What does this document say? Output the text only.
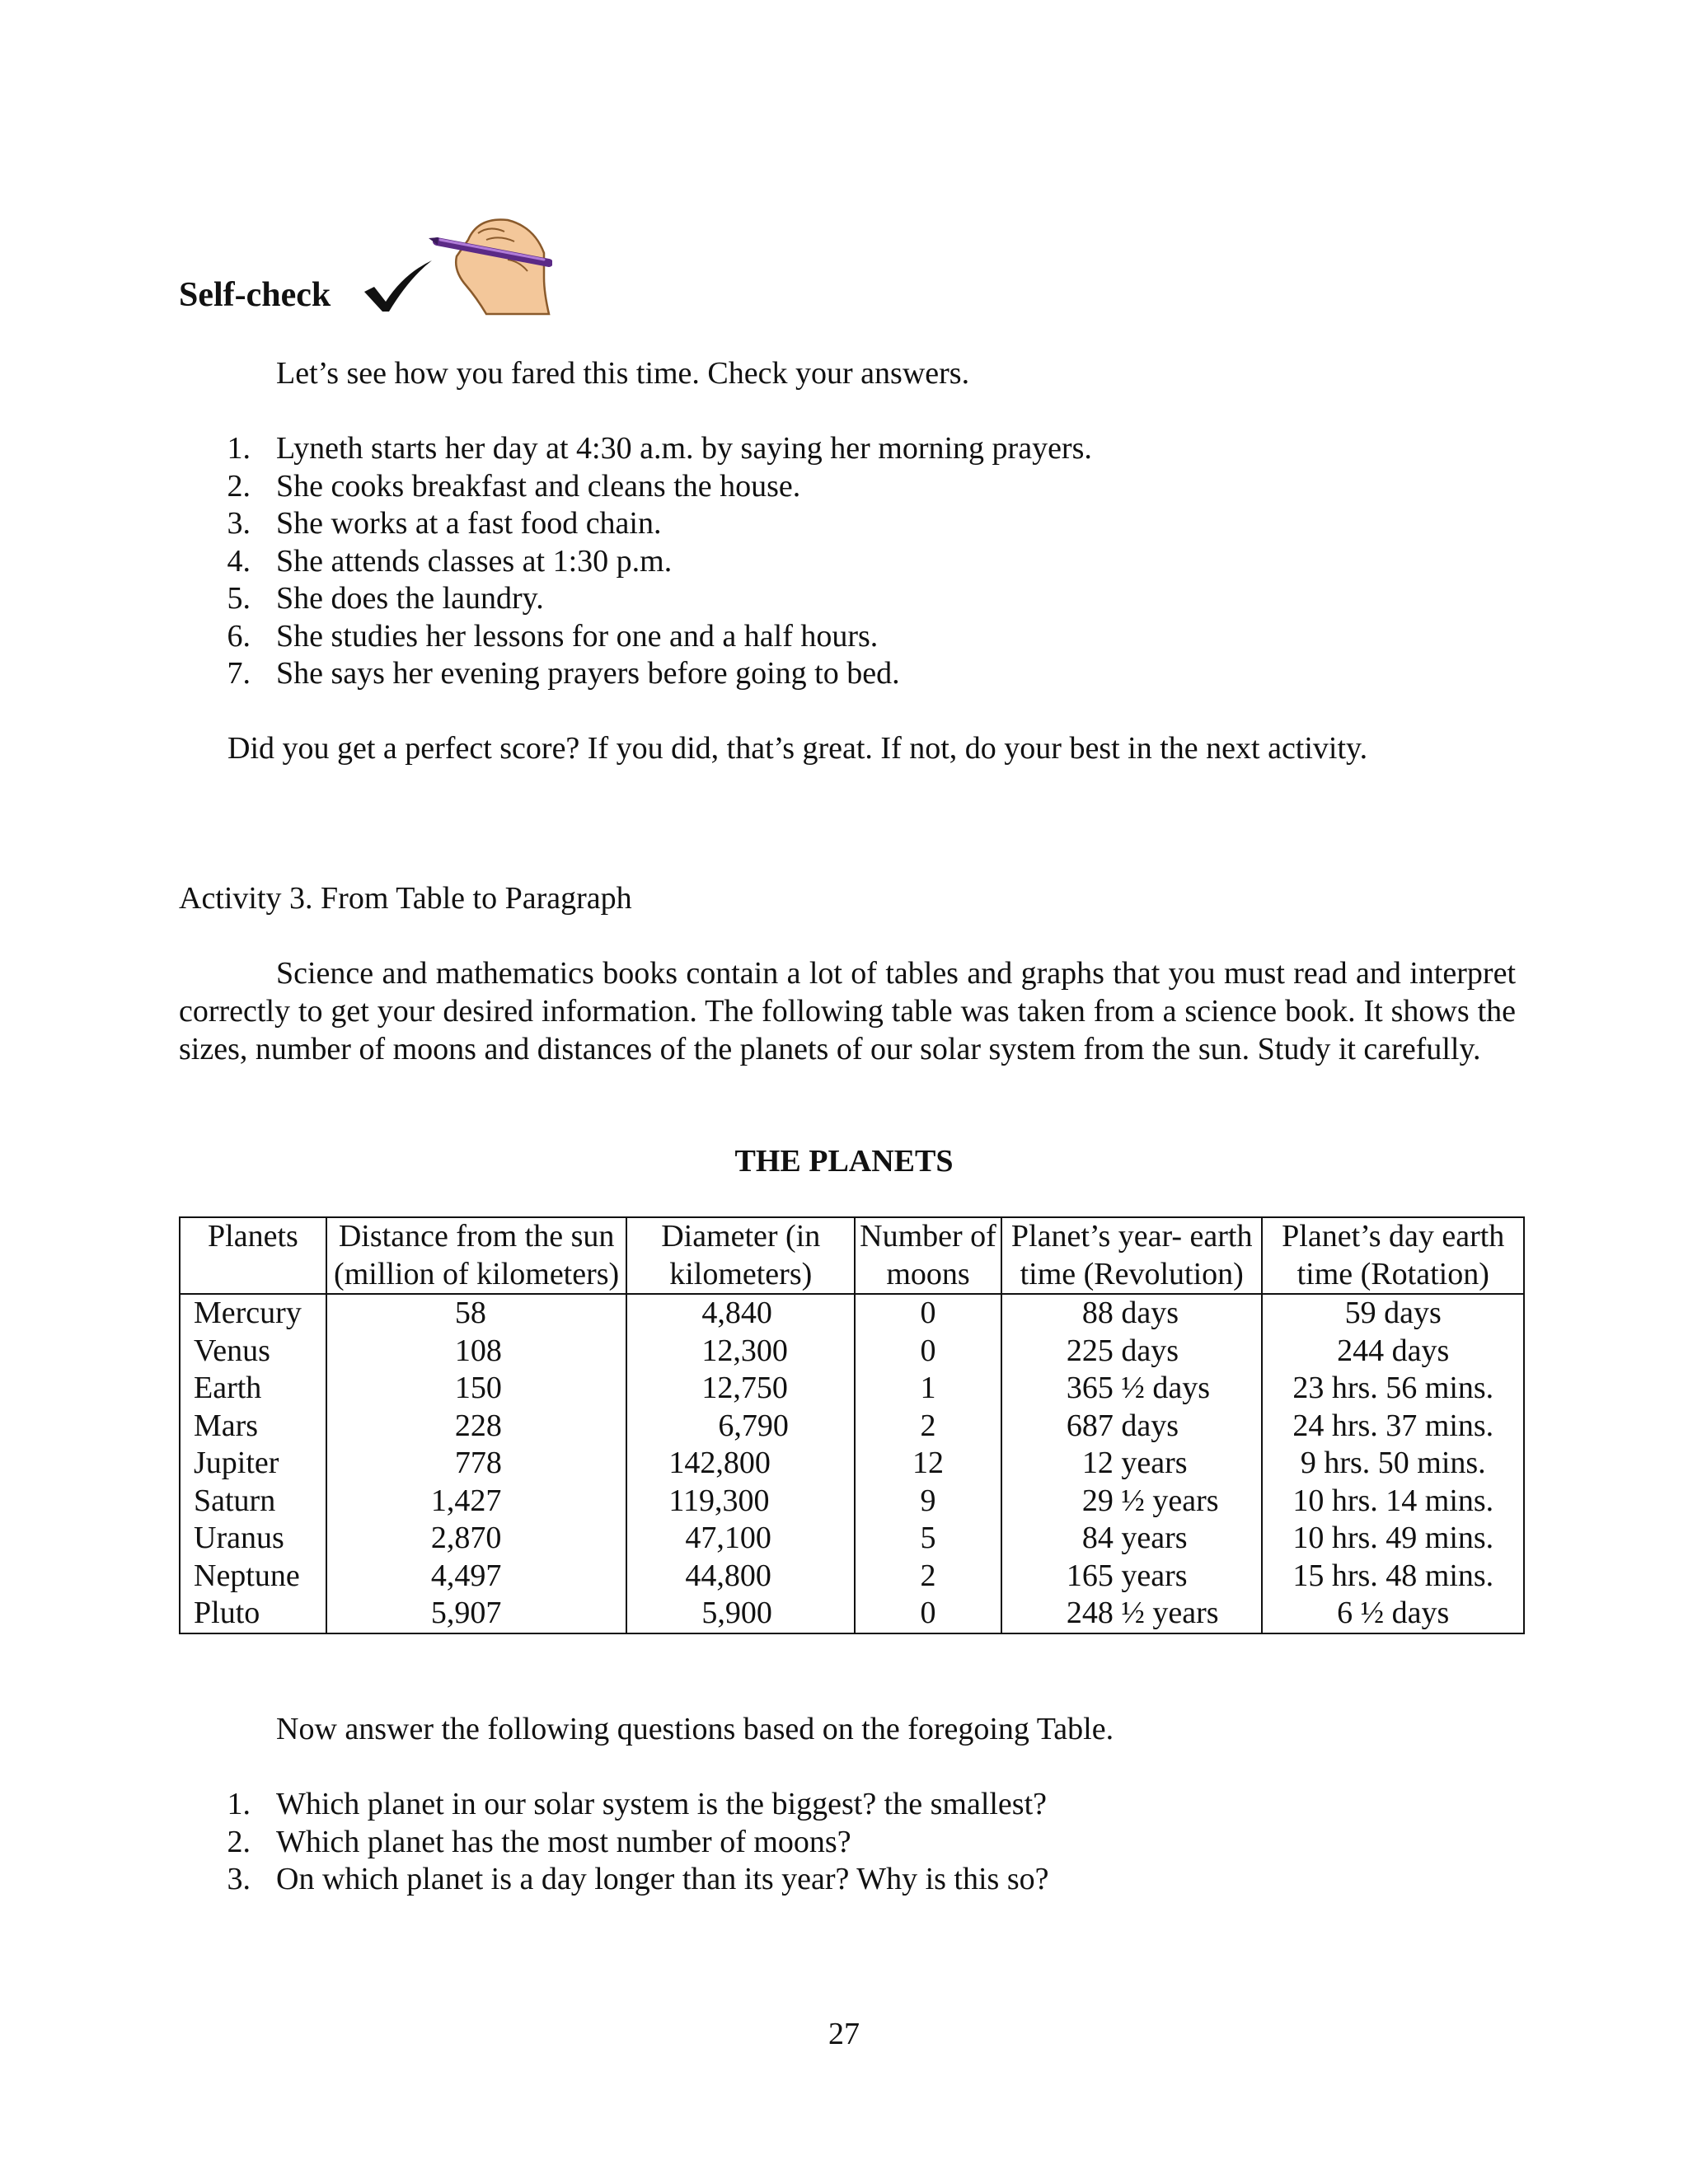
Self-check
Let’s see how you fared this time. Check your answers.
1. Lyneth starts her day at 4:30 a.m. by saying her morning prayers.
2. She cooks breakfast and cleans the house.
3. She works at a fast food chain.
4. She attends classes at 1:30 p.m.
5. She does the laundry.
6. She studies her lessons for one and a half hours.
7. She says her evening prayers before going to bed.
Did you get a perfect score? If you did, that’s great. If not, do your best in the next activity.
Activity 3. From Table to Paragraph
Science and mathematics books contain a lot of tables and graphs that you must read and interpret correctly to get your desired information. The following table was taken from a science book. It shows the sizes, number of moons and distances of the planets of our solar system from the sun. Study it carefully.
THE PLANETS
Planets	Distance from the sun (million of kilometers)	Diameter (in kilometers)	Number of moons	Planet’s year- earth time (Revolution)	Planet’s day earth time (Rotation)
Mercury	58	4,840	0	88 days	59 days
Venus	108	12,300	0	225 days	244 days
Earth	150	12,750	1	365 ½ days	23 hrs. 56 mins.
Mars	228	6,790	2	687 days	24 hrs. 37 mins.
Jupiter	778	142,800	12	12 years	9 hrs. 50 mins.
Saturn	1,427	119,300	9	29 ½ years	10 hrs. 14 mins.
Uranus	2,870	47,100	5	84 years	10 hrs. 49 mins.
Neptune	4,497	44,800	2	165 years	15 hrs. 48 mins.
Pluto	5,907	5,900	0	248 ½ years	6 ½ days
Now answer the following questions based on the foregoing Table.
1. Which planet in our solar system is the biggest? the smallest?
2. Which planet has the most number of moons?
3. On which planet is a day longer than its year? Why is this so?
27
